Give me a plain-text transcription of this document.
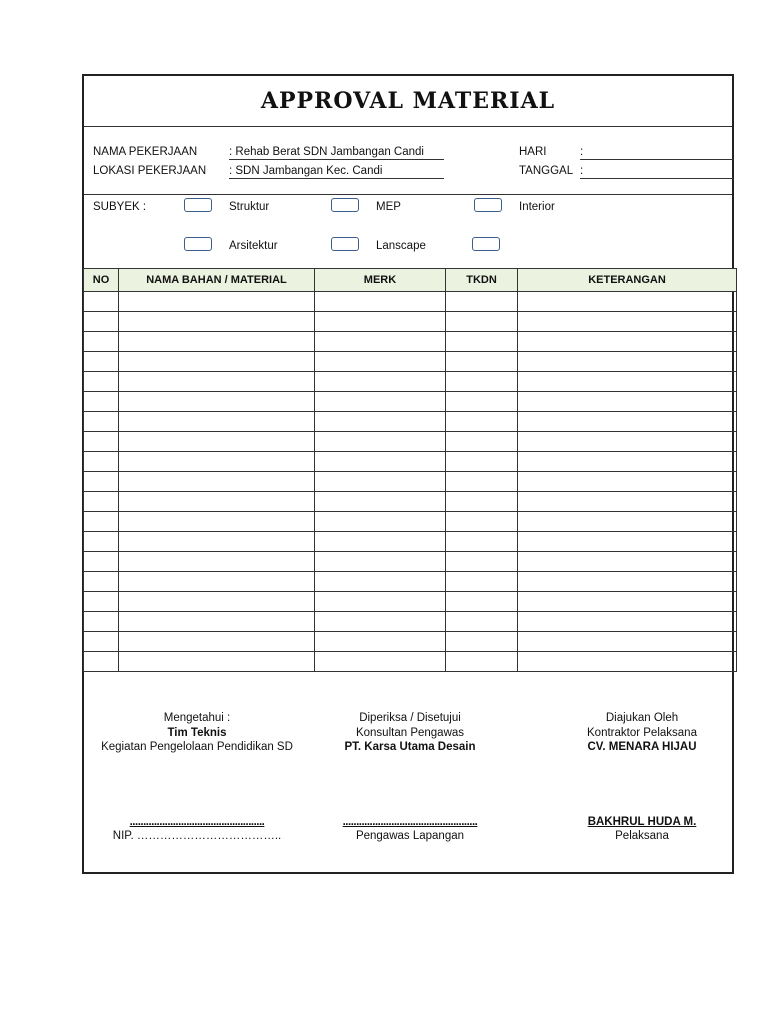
APPROVAL MATERIAL
NAMA PEKERJAAN	: Rehab Berat SDN Jambangan Candi
LOKASI PEKERJAAN : SDN Jambangan Kec. Candi
HARI	:
TANGGAL :
SUBYEK :	Struktur	MEP	Interior
Arsitektur	Lanscape
NO	NAMA BAHAN / MATERIAL	MERK	TKDN	KETERANGAN

Mengetahui :
Tim Teknis
Kegiatan Pengelolaan Pendidikan SD
..................................................
NIP. ………………………………..
Diperiksa / Disetujui
Konsultan Pengawas
PT. Karsa Utama Desain
..................................................
Pengawas Lapangan
Diajukan Oleh
Kontraktor Pelaksana
CV. MENARA HIJAU
BAKHRUL HUDA M.
Pelaksana
